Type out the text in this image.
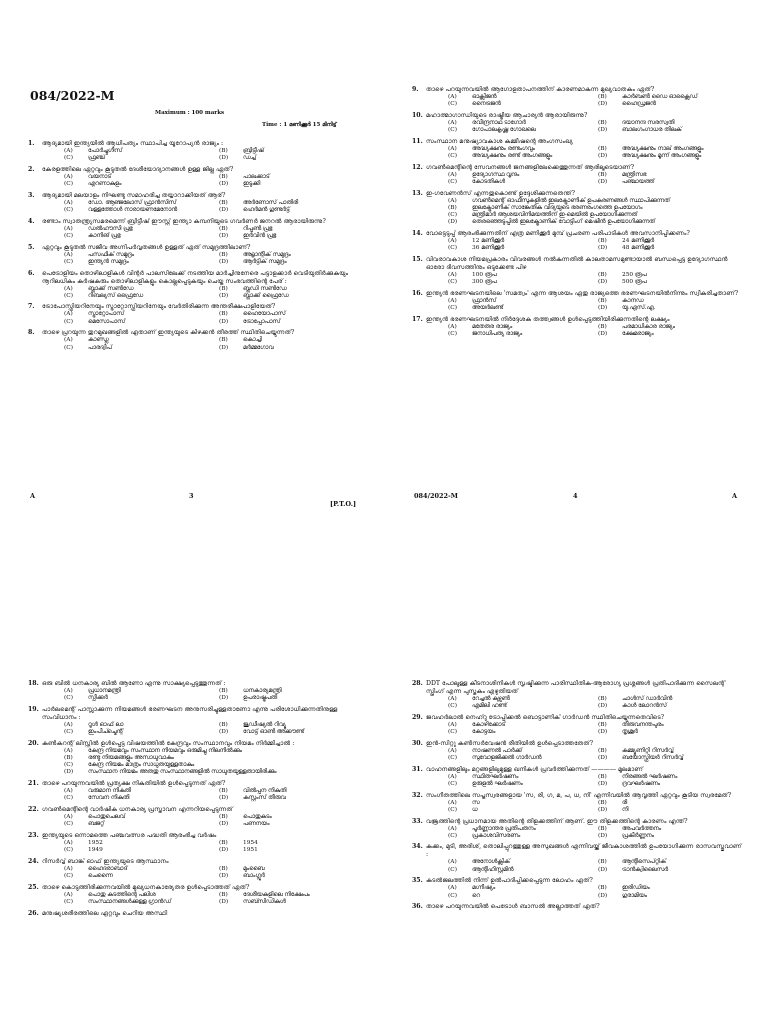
084/2022-M
Maximum : 100 marks
Time : 1 മണിക്കൂർ 15 മിനിട്ട്
1.	ആദ്യമായി ഇന്ത്യയിൽ ആധിപത്യം സ്ഥാപിച്ച യൂറോപ്യൻ രാജ്യം :
(A)	പോർച്ചുഗീസ്	(B)	ബ്രിട്ടീഷ്
(C)	ഫ്രഞ്ച്	(D)	ഡച്ച്
2.	കേരളത്തിലെ ഏറ്റവും കൂടുതൽ ദേശീയോദ്യാനങ്ങൾ ഉള്ള ജില്ല ഏത്?
(A)	വയനാട്	(B)	പാലക്കാട്
(C)	എറണാകുളം	(D)	ഇടുക്കി
3.	ആദ്യമായി മലയാളം നിഘണ്ടു സമാഹരിച്ച തയ്യാറാക്കിയത് ആര്?
(A)	ഡോ. ആഞ്ജലോസ് ഫ്രാൻസിസ്	(B)	അർണോസ് പാതിരി
(C)	വള്ളത്തോൾ നാരായണമേനോൻ	(D)	ഹെർമൻ ഗുണ്ടർട്ട്
4.	രണ്ടാം സ്വാതന്ത്ര്യസമരമെന്ന് ബ്രിട്ടീഷ് ഈസ്റ്റ് ഇന്ത്യാ കമ്പനിയുടെ ഗവർണർ ജനറൽ ആരായിരുന്നു?
(A)	ഡൽഹൗസി പ്രഭു	(B)	റിപ്പൺ പ്രഭു
(C)	കാനിങ് പ്രഭു	(D)	ഇർവിൻ പ്രഭു
5.	ഏറ്റവും കൂടുതൽ സജീവ അഗ്നിപർവ്വതങ്ങൾ ഉള്ളത് ഏത് സമുദ്രത്തിലാണ്?
(A)	പസഫിക് സമുദ്രം	(B)	അറ്റ്ലാന്റിക് സമുദ്രം
(C)	ഇന്ത്യൻ സമുദ്രം	(D)	ആർട്ടിക് സമുദ്രം
6.	പെട്രോളിയം തൊഴിലാളികൾ വിന്റർ പാലസിലേക്ക് നടത്തിയ മാർച്ചിനുനേരെ പട്ടാളക്കാർ വെടിയുതിർക്കുകയും നൂറിലധികം കർഷകരും തൊഴിലാളികളും കൊല്ലപ്പെടുകയും ചെയ്ത സംഭവത്തിന്റെ പേര് :
(A)	ബ്ലാക്ക് സൺഡേ	(B)	ബ്ലഡി സൺഡേ
(C)	റിബല്യസ് ഫ്രൈഡേ	(D)	ബ്ലാക്ക് ഫ്രൈഡേ
7.	ട്രോപോസ്ഫിയറിനേയും സ്ട്രാറ്റോസ്ഫിയറിനേയും വേർതിരിക്കുന്ന അന്തരീക്ഷപാളിയേത്?
(A)	സ്ട്രാറ്റോപാസ്	(B)	ഹൈയോപാസ്
(C)	മെസോപാസ്	(D)	ട്രോപ്പോപാസ്
8.	താഴെ പ്രറയുന്ന തുറമുഖങ്ങളിൽ ഏതാണ് ഇന്ത്യയുടെ കിഴക്കൻ തീരത്ത് സ്ഥിതിചെയ്യുന്നത്?
(A)	കാണ്ഡ്ല	(B)	കൊച്ചി
(C)	പാരദ്വീപ്	(D)	മർമ്മഗോവ
9.	താഴെ പറയുന്നവയിൽ ആഗോളതാപനത്തിന് കാരണമാകുന്ന മുഖ്യവാതകം ഏത്?
(A)	ഓക്സിജൻ	(B)	കാർബൺ ഡൈ ഓക്സൈഡ്
(C)	നൈട്രജൻ	(D)	ഹൈഡ്രജൻ
10. മഹാത്മാഗാന്ധിയുടെ രാഷ്ട്രീയ ആചാര്യൻ ആരായിരുന്നു?
(A)	രവീന്ദ്രനാഥ ടാഗോർ	(B)	ദയാനന്ദ സരസ്വതി
(C)	ഗോപാലകൃഷ്ണ ഗോഖലെ	(D)	ബാലഗംഗാധര തിലക്
11. സംസ്ഥാന മനുഷ്യാവകാശ കമ്മീഷന്റെ അംഗസംഖ്യ
(A)	അദ്ധ്യക്ഷനും രണ്ടംഗവും	(B)	അദ്ധ്യക്ഷനും നാല് അംഗങ്ങളും
(C)	അദ്ധ്യക്ഷനും രണ്ട് അംഗങ്ങളും	(D)	അദ്ധ്യക്ഷനും മൂന്ന് അംഗങ്ങളും
12. ഗവൺമെന്റിന്റെ സേവനങ്ങൾ ജനങ്ങളിലേക്കെത്തുന്നത് ആരിലൂടെയാണ്?
(A)	ഉദ്യോഗസ്ഥ വൃന്ദം	(B)	മന്ത്രിസഭ
(C)	കോടതികൾ	(D)	പഞ്ചായത്ത്
13. ഇ-ഗവേണൻസ് എന്നതുകൊണ്ട് ഉദ്ദേശിക്കുന്നതെന്ത്?
(A)	ഗവൺമെന്റ് ഓഫീസുകളിൽ ഇലക്ട്രോണിക് ഉപകരണങ്ങൾ സ്ഥാപിക്കുന്നത്
(B)	ഇലക്ട്രോണിക് സാങ്കേതിക വിദ്യയുടെ ഭരണരംഗത്തെ ഉപയോഗം
(C)	മന്ത്രിമാർ ആശയവിനിമയത്തിന് ഇ-മെയിൽ ഉപയോഗിക്കുന്നത്
(D)	തെരഞ്ഞെടുപ്പിൽ ഇലക്ട്രോണിക് വോട്ടിംഗ് മെഷീൻ ഉപയോഗിക്കുന്നത്
14. വോട്ടെടുപ്പ് ആരംഭിക്കുന്നതിന് എത്ര മണിക്കൂർ മുമ്പ് പ്രചരണ പരിപാടികൾ അവസാനിപ്പിക്കണം?
(A)	12 മണിക്കൂർ	(B)	24 മണിക്കൂർ
(C)	36 മണിക്കൂർ	(D)	48 മണിക്കൂർ
15. വിവരാവകാശ നിയമപ്രകാരം വിവരങ്ങൾ നൽകുന്നതിൽ കാലതാമസമുണ്ടായാൽ ബന്ധപ്പെട്ട ഉദ്യോഗസ്ഥൻ ഓരോ ദിവസത്തിനും ഒടുക്കേണ്ട പിഴ
(A)	100 രൂപ	(B)	250 രൂപ
(C)	300 രൂപ	(D)	500 രൂപ
16. ഇന്ത്യൻ ഭരണഘടനയിലെ 'സമത്വം' എന്ന ആശയം ഏതു രാജ്യത്തെ ഭരണഘടനയിൽനിന്നും സ്വീകരിച്ചതാണ്?
(A)	ഫ്രാൻസ്	(B)	കാനഡ
(C)	അയർലണ്ട്	(D)	യു.എസ്.എ.
17. ഇന്ത്യൻ ഭരണഘടനയിൽ നിർദ്ദേശക തത്ത്വങ്ങൾ ഉൾപ്പെടുത്തിയിരിക്കുന്നതിന്റെ ലക്ഷ്യം
(A)	മതേതര രാജ്യം	(B)	പരമാധികാര രാജ്യം
(C)	ജനാധിപത്യ രാജ്യം	(D)	ക്ഷേമരാജ്യം
A	3
[P.T.O.]
084/2022-M	4	A
18. ഒരു ബിൽ ധനകാര്യ ബിൽ ആണോ എന്നു സാക്ഷ്യപ്പെടുത്തുന്നത് :
(A)	പ്രധാനമന്ത്രി	(B)	ധനകാര്യമന്ത്രി
(C)	സ്പീക്കർ	(D)	ഉപരാഷ്ട്രപതി
19. പാർലമെന്റ് പാസ്സാക്കുന്ന നിയമങ്ങൾ ഭരണഘടന അനുസരിച്ചുള്ളതാണോ എന്നു പരിശോധിക്കുന്നതിനുള്ള സംവിധാനം :
(A)	റൂൾ ഓഫ് ലാ	(B)	ജുഡീഷ്യൽ റിവ്യൂ
(C)	ഇംപീച്ച്മെന്റ്	(D)	വോട്ട് ഓൺ അക്കൗണ്ട്
20. കൺകറന്റ് ലിസ്റ്റിൽ ഉൾപ്പെട്ട വിഷയത്തിൽ കേന്ദ്രവും സംസ്ഥാനവും നിയമം നിർമ്മിച്ചാൽ :
(A)	കേന്ദ്ര നിയമവും സംസ്ഥാന നിയമവും ഒരുമിച്ചു നിലനിൽക്കും
(B)	രണ്ടു നിയമങ്ങളും അസാധുവാകും
(C)	കേന്ദ്ര നിയമം മാത്രം സാധുതയുള്ളതാകും
(D)	സംസ്ഥാന നിയമം അതതു സംസ്ഥാനങ്ങളിൽ സാധുതയുള്ളതായിരിക്കും
21. താഴെ പറയുന്നവയിൽ പ്രത്യക്ഷ നികുതിയിൽ ഉൾപ്പെടുന്നത് ഏത്?
(A)	വരുമാന നികുതി	(B)	വിൽപ്പന നികുതി
(C)	സേവന നികുതി	(D)	കസ്റ്റംസ് തീരുവ
22. ഗവൺമെന്റിന്റെ വാർഷിക ധനകാര്യ പ്രസ്താവന എന്നറിയപ്പെടുന്നത്
(A)	പൊതുചെലവ്	(B)	പൊതുകടം
(C)	ബജറ്റ്	(D)	പണനയം
23. ഇന്ത്യയുടെ ഒന്നാമത്തെ പഞ്ചവത്സര പദ്ധതി ആരംഭിച്ച വർഷം
(A)	1952	(B)	1954
(C)	1949	(D)	1951
24. റിസർവ്വ് ബാങ്ക് ഓഫ് ഇന്ത്യയുടെ ആസ്ഥാനം
(A)	ഹൈദരാബാദ്	(B)	മുംബൈ
(C)	ചെന്നൈ	(D)	ബാംഗ്ലൂർ
25. താഴെ കൊടുത്തിരിക്കുന്നവയിൽ മുഖ്യധനകാര്യേതര ഉൾപ്പെടാത്തത് ഏത്?
(A)	പൊതു കടത്തിന്റെ പലിശ	(B)	ദേശീയകളിലെ നിക്ഷേപം
(C)	സംസ്ഥാനങ്ങൾക്കുള്ള ഗ്രാൻഡ്	(D)	സബ്സിഡികൾ
26. മനുഷ്യശരീരത്തിലെ ഏറ്റവും ചെറിയ അസ്ഥി
28. DDT പോലുള്ള കീടനാശിനികൾ സൃഷ്ടിക്കുന്ന പാരിസ്ഥിതിക-ആരോഗ്യ പ്രശ്നങ്ങൾ പ്രതിപാദിക്കുന്ന സൈലന്റ് സ്പ്രിംഗ് എന്ന പുസ്തകം എഴുതിയത്
(A)	റേച്ചൽ കഴ്സൺ	(B)	ചാൾസ് ഡാർവിൻ
(C)	എമിലി ഹണ്ട്	(D)	കാൾ ലോറൻസ്
29. ജവഹർലാൽ നെഹ്റു ട്രോപ്പിക്കൽ ബൊട്ടാണിക് ഗാർഡൻ സ്ഥിതിചെയ്യുന്നതെവിടെ?
(A)	കോഴിക്കോട്	(B)	തിരുവനന്തപുരം
(C)	കോട്ടയം	(D)	തൃശൂർ
30. ഇൻ-സിറ്റു കൺസർവേഷൻ രീതിയിൽ ഉൾപ്പെടാത്തതേത്?
(A)	നാഷണൽ പാർക്ക്	(B)	കമ്മ്യൂണിറ്റി റിസർവ്വ്
(C)	സുവോളജിക്കൽ ഗാർഡൻ	(D)	ബയോസ്ഫിയർ റിസർവ്വ്
31. വാഹനങ്ങളിലും മറ്റങ്ങളിലുമുള്ള ഖനികൾ പ്രവർത്തിക്കുന്നത് ———— മൂലമാണ്
(A)	സ്ഥിതഘർഷണം	(B)	നിരങ്ങൽ ഘർഷണം
(C)	ഉരുളൽ ഘർഷണം	(D)	ദ്രവഘർഷണം
32. സംഗീതത്തിലെ സപ്തസ്വരങ്ങളായ 'സ, രി, ഗ, മ, പ, ധ, നി' എന്നിവയിൽ ആവൃത്തി ഏറ്റവും കൂടിയ സ്വരമേത്?
(A)	സ	(B)	രി
(C)	ധ	(D)	നി
33. വജ്രത്തിന്റെ പ്രധാനമായ അതിന്റെ തിളക്കത്തിന് ആണ്. ഈ തിളക്കത്തിന്റെ കാരണം എന്ത്?
(A)	പൂർണ്ണാന്തര പ്രതിപതനം	(B)	അപവർത്തനം
(C)	പ്രകാശവിസരണം	(D)	പ്രകീർണ്ണനം
34. കക്കം, മുടി, അരിശ്, തൊലിപ്പുറത്തുള്ള അസുഖങ്ങൾ എന്നിവയ്ക്ക് ജീവകാശത്തിൽ ഉപയോഗിക്കുന്ന രാസവസ്തുവാണ് :
(A)	അനോൾക്സിക്	(B)	ആന്റിസെപ്റ്റിക്
(C)	ആന്റിഹിസ്റ്റമിൻ	(D)	ട്രാൻക്വിലൈസർ
35. കടൽജലത്തിൽ നിന്ന് ഉൽപാദിപ്പിക്കപ്പെടുന്ന ലോഹം ഏത്?
(A)	മഗ്നീഷ്യം	(B)	ഇരിഡിയം
(C)	റെ	(D)	ഗുരാമിയം
36. താഴെ പറയുന്നവയിൽ പെട്രോൾ ബാസൽ അല്ലാത്തത് ഏത്?
